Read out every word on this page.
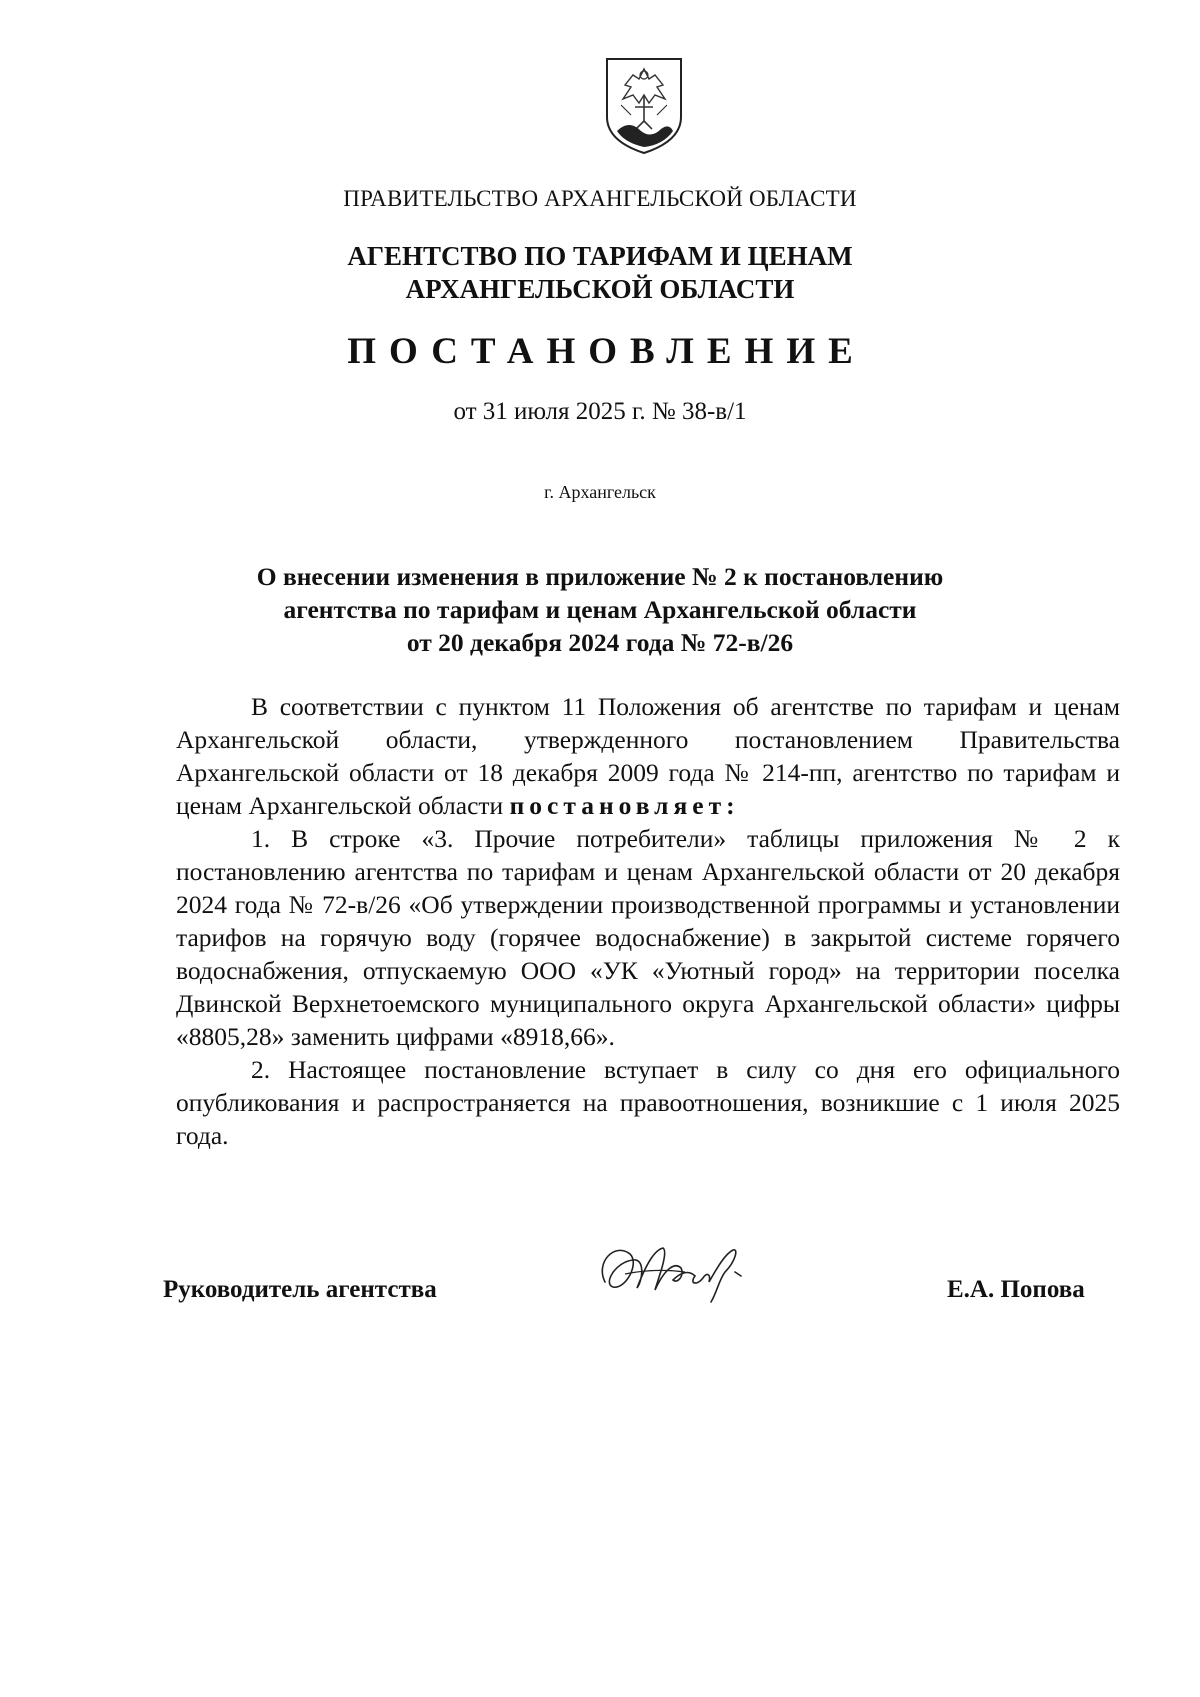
ПРАВИТЕЛЬСТВО АРХАНГЕЛЬСКОЙ ОБЛАСТИ
АГЕНТСТВО ПО ТАРИФАМ И ЦЕНАМ
АРХАНГЕЛЬСКОЙ ОБЛАСТИ
ПОСТАНОВЛЕНИЕ
от 31 июля 2025 г. № 38-в/1
г. Архангельск
О внесении изменения в приложение № 2 к постановлению
агентства по тарифам и ценам Архангельской области
от 20 декабря 2024 года № 72-в/26

В соответствии с пунктом 11 Положения об агентстве по тарифам и ценам Архангельской области, утвержденного постановлением Правительства Архангельской области от 18 декабря 2009 года № 214-пп, агентство по тарифам и ценам Архангельской области постановляет:

1. В строке «3. Прочие потребители» таблицы приложения № 2 к постановлению агентства по тарифам и ценам Архангельской области от 20 декабря 2024 года № 72-в/26 «Об утверждении производственной программы и установлении тарифов на горячую воду (горячее водоснабжение) в закрытой системе горячего водоснабжения, отпускаемую ООО «УК «Уютный город» на территории поселка Двинской Верхнетоемского муниципального округа Архангельской области» цифры «8805,28» заменить цифрами «8918,66».

2. Настоящее постановление вступает в силу со дня его официального опубликования и распространяется на правоотношения, возникшие с 1 июля 2025 года.

Руководитель агентства	Е.А. Попова
